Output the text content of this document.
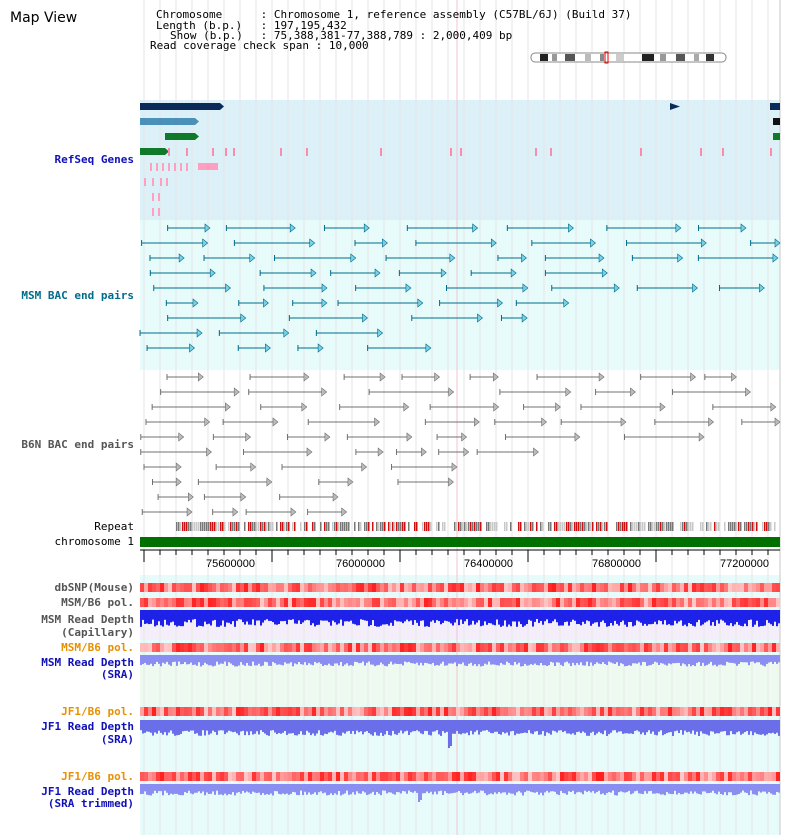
Map View

	Chromosome	: Chromosome 1, reference assembly (C57BL/6J) (Build 37)

Length (b.p.) : 197,195,432

Show (b.p.) : 75,388,381-77,388,789 : 2,000,409 bp

Read coverage check span : 10,000

RefSeq Genes
MSM BAC end pairs
B6N BAC end pairs
Repeat
chromosome 1
dbSNP(Mouse)
MSM/B6 pol.
MSM Read Depth
(Capillary)
MSM/B6 pol.
MSM Read Depth
(SRA)
JF1/B6 pol.
JF1 Read Depth
(SRA)
JF1/B6 pol.
JF1 Read Depth
(SRA trimmed)
75600000	76000000	76400000	76800000	77200000
